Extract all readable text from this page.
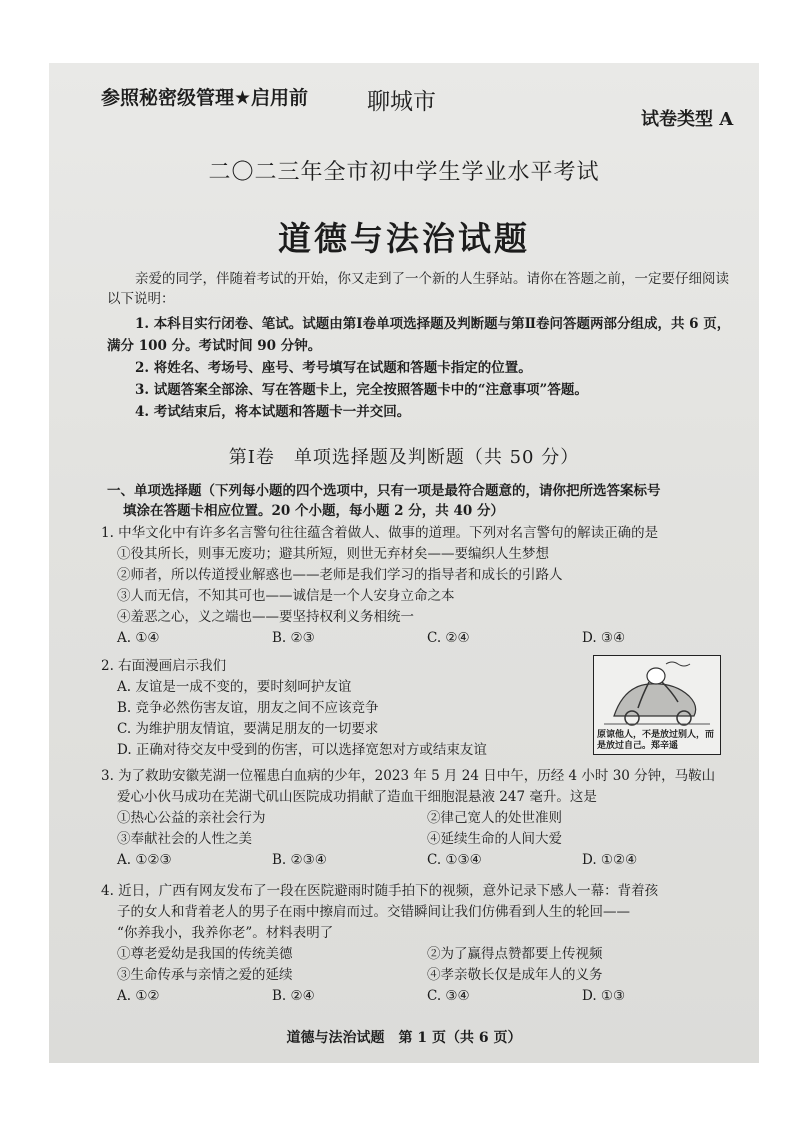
参照秘密级管理★启用前	聊城市
试卷类型 A
二〇二三年全市初中学生学业水平考试
道德与法治试题
亲爱的同学，伴随着考试的开始，你又走到了一个新的人生驿站。请你在答题之前，一定要仔细阅读以下说明：
1. 本科目实行闭卷、笔试。试题由第Ⅰ卷单项选择题及判断题与第Ⅱ卷问答题两部分组成，共 6 页，满分 100 分。考试时间 90 分钟。
2. 将姓名、考场号、座号、考号填写在试题和答题卡指定的位置。
3. 试题答案全部涂、写在答题卡上，完全按照答题卡中的“注意事项”答题。
4. 考试结束后，将本试题和答题卡一并交回。
第Ⅰ卷　单项选择题及判断题（共 50 分）
一、单项选择题（下列每小题的四个选项中，只有一项是最符合题意的，请你把所选答案标号
填涂在答题卡相应位置。20 个小题，每小题 2 分，共 40 分）
1. 中华文化中有许多名言警句往往蕴含着做人、做事的道理。下列对名言警句的解读正确的是
①役其所长，则事无废功；避其所短，则世无弃材矣——要编织人生梦想
②师者，所以传道授业解惑也——老师是我们学习的指导者和成长的引路人
③人而无信，不知其可也——诚信是一个人安身立命之本
④羞恶之心，义之端也——要坚持权利义务相统一
A. ①④	B. ②③	C. ②④	D. ③④
2. 右面漫画启示我们
A. 友谊是一成不变的，要时刻呵护友谊
B. 竞争必然伤害友谊，朋友之间不应该竞争
C. 为维护朋友情谊，要满足朋友的一切要求
D. 正确对待交友中受到的伤害，可以选择宽恕对方或结束友谊
原谅他人，不是放过别人，而是放过自己。郑辛遥
3. 为了救助安徽芜湖一位罹患白血病的少年，2023 年 5 月 24 日中午，历经 4 小时 30 分钟，马鞍山
爱心小伙马成功在芜湖弋矶山医院成功捐献了造血干细胞混悬液 247 毫升。这是
①热心公益的亲社会行为	②律己宽人的处世准则
③奉献社会的人性之美	④延续生命的人间大爱
A. ①②③	B. ②③④	C. ①③④	D. ①②④
4. 近日，广西有网友发布了一段在医院避雨时随手拍下的视频，意外记录下感人一幕：背着孩
子的女人和背着老人的男子在雨中擦肩而过。交错瞬间让我们仿佛看到人生的轮回——
“你养我小，我养你老”。材料表明了
①尊老爱幼是我国的传统美德	②为了赢得点赞都要上传视频
③生命传承与亲情之爱的延续	④孝亲敬长仅是成年人的义务
A. ①②	B. ②④	C. ③④	D. ①③
道德与法治试题　第 1 页（共 6 页）
